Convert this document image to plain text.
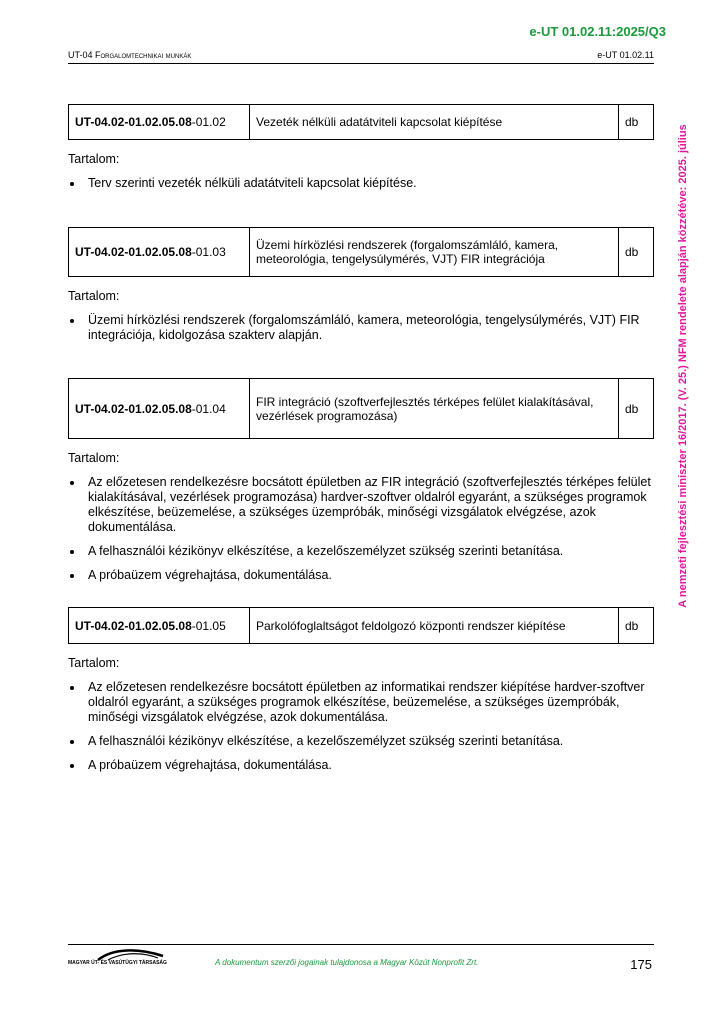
e-UT 01.02.11:2025/Q3
UT-04 Forgalomtechnikai munkák	e-UT 01.02.11
A nemzeti fejlesztési miniszter 16/2017. (V. 25.) NFM rendelete alapján közzétéve: 2025. július
UT-04.02-01.02.05.08-01.02	Vezeték nélküli adatátviteli kapcsolat kiépítése	db
Tartalom:
Terv szerinti vezeték nélküli adatátviteli kapcsolat kiépítése.
UT-04.02-01.02.05.08-01.03	Üzemi hírközlési rendszerek (forgalomszámláló, kamera, meteorológia, tengelysúlymérés, VJT) FIR integrációja	db
Tartalom:
Üzemi hírközlési rendszerek (forgalomszámláló, kamera, meteorológia, tengelysúlymérés, VJT) FIR integrációja, kidolgozása szakterv alapján.
UT-04.02-01.02.05.08-01.04	FIR integráció (szoftverfejlesztés térképes felület kialakításával, vezérlések programozása)	db
Tartalom:
Az előzetesen rendelkezésre bocsátott épületben az FIR integráció (szoftverfejlesztés térképes felület kialakításával, vezérlések programozása) hardver-szoftver oldalról egyaránt, a szükséges programok elkészítése, beüzemelése, a szükséges üzempróbák, minőségi vizsgálatok elvégzése, azok dokumentálása.
A felhasználói kézikönyv elkészítése, a kezelőszemélyzet szükség szerinti betanítása.
A próbaüzem végrehajtása, dokumentálása.
UT-04.02-01.02.05.08-01.05	Parkolófoglaltságot feldolgozó központi rendszer kiépítése	db
Tartalom:
Az előzetesen rendelkezésre bocsátott épületben az informatikai rendszer kiépítése hardver-szoftver oldalról egyaránt, a szükséges programok elkészítése, beüzemelése, a szükséges üzempróbák, minőségi vizsgálatok elvégzése, azok dokumentálása.
A felhasználói kézikönyv elkészítése, a kezelőszemélyzet szükség szerinti betanítása.
A próbaüzem végrehajtása, dokumentálása.
MAGYAR ÚT- ÉS VASÚTÜGYI TÁRSASÁG	A dokumentum szerzői jogainak tulajdonosa a Magyar Közút Nonprofit Zrt.	175
